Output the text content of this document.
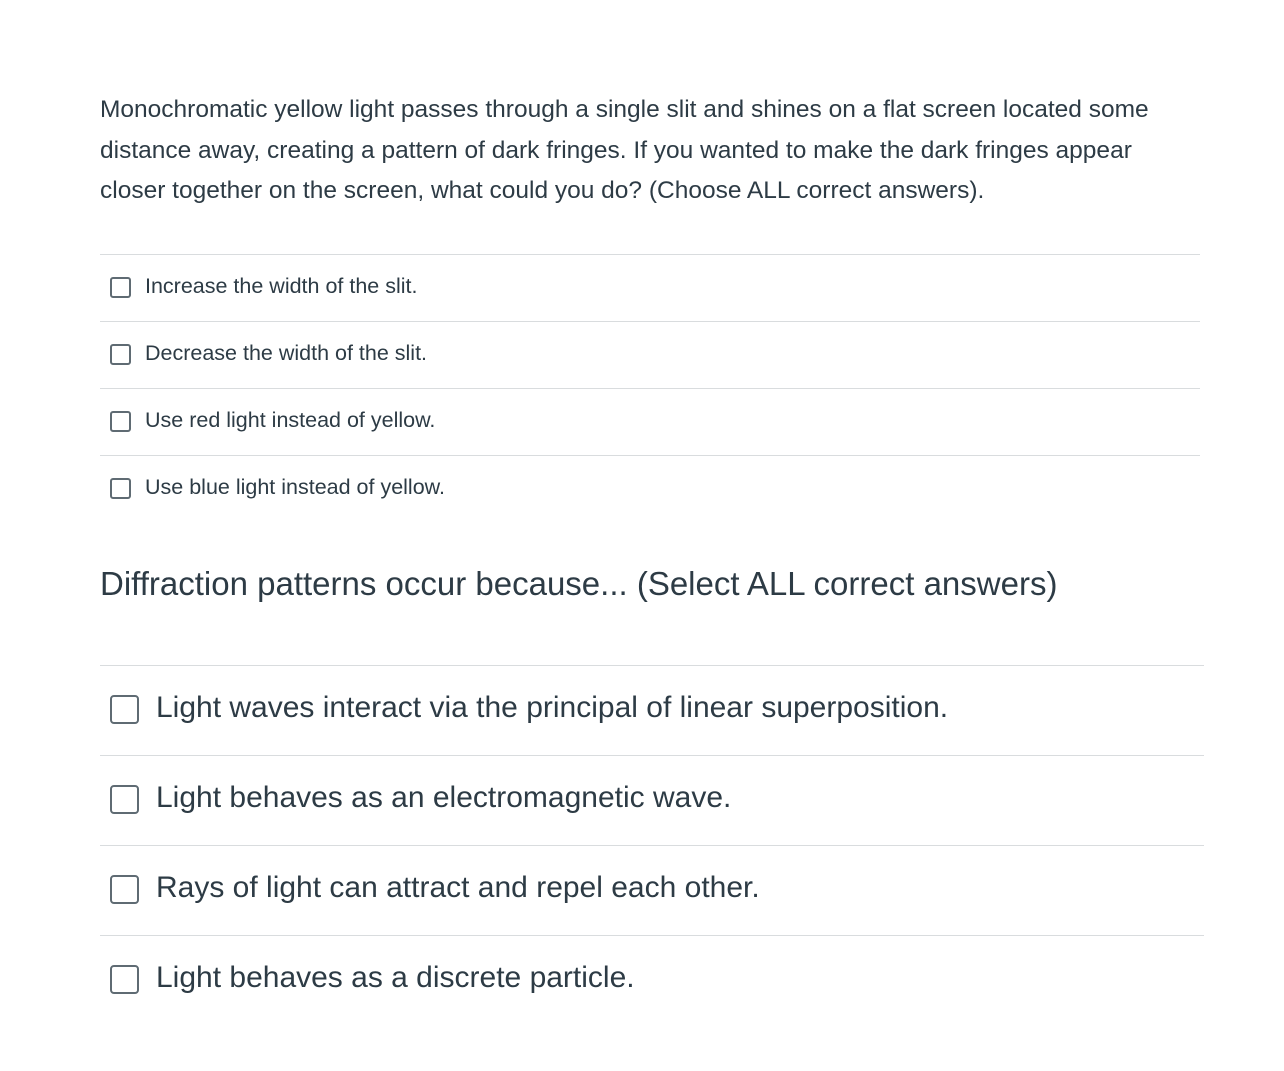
Monochromatic yellow light passes through a single slit and shines on a flat screen located some distance away, creating a pattern of dark fringes. If you wanted to make the dark fringes appear closer together on the screen, what could you do? (Choose ALL correct answers).

Increase the width of the slit.
Decrease the width of the slit.
Use red light instead of yellow.
Use blue light instead of yellow.
Diffraction patterns occur because... (Select ALL correct answers)
Light waves interact via the principal of linear superposition.
Light behaves as an electromagnetic wave.
Rays of light can attract and repel each other.
Light behaves as a discrete particle.
